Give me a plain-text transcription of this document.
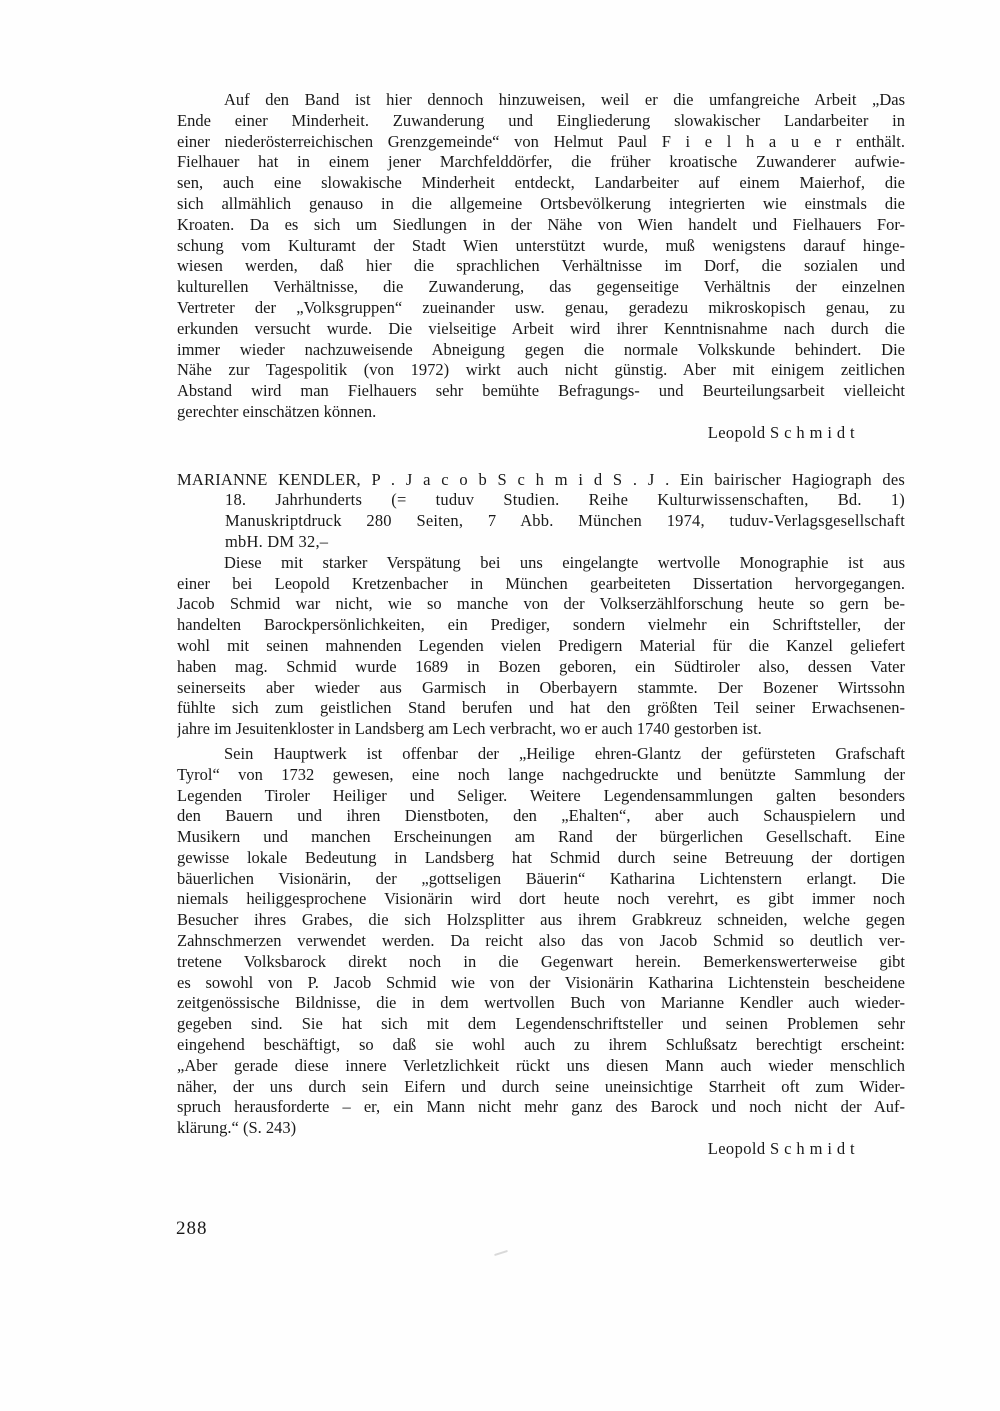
Auf den Band ist hier dennoch hinzuweisen, weil er die umfangreiche Arbeit „Das
Ende einer Minderheit. Zuwanderung und Eingliederung slowakischer Landarbeiter in
einer niederösterreichischen Grenzgemeinde“ von Helmut Paul F i e l h a u e r enthält.
Fielhauer hat in einem jener Marchfelddörfer, die früher kroatische Zuwanderer aufwie-
sen, auch eine slowakische Minderheit entdeckt, Landarbeiter auf einem Maierhof, die
sich allmählich genauso in die allgemeine Ortsbevölkerung integrierten wie einstmals die
Kroaten. Da es sich um Siedlungen in der Nähe von Wien handelt und Fielhauers For-
schung vom Kulturamt der Stadt Wien unterstützt wurde, muß wenigstens darauf hinge-
wiesen werden, daß hier die sprachlichen Verhältnisse im Dorf, die sozialen und
kulturellen Verhältnisse, die Zuwanderung, das gegenseitige Verhältnis der einzelnen
Vertreter der „Volksgruppen“ zueinander usw. genau, geradezu mikroskopisch genau, zu
erkunden versucht wurde. Die vielseitige Arbeit wird ihrer Kenntnisnahme nach durch die
immer wieder nachzuweisende Abneigung gegen die normale Volkskunde behindert. Die
Nähe zur Tagespolitik (von 1972) wirkt auch nicht günstig. Aber mit einigem zeitlichen
Abstand wird man Fielhauers sehr bemühte Befragungs- und Beurteilungsarbeit vielleicht
gerechter einschätzen können.
Leopold S c h m i d t
MARIANNE KENDLER, P . J a c o b S c h m i d S . J . Ein bairischer Hagiograph des
18. Jahrhunderts (= tuduv Studien. Reihe Kulturwissenschaften, Bd. 1)
Manuskriptdruck 280 Seiten, 7 Abb. München 1974, tuduv-Verlagsgesellschaft
mbH. DM 32,–
Diese mit starker Verspätung bei uns eingelangte wertvolle Monographie ist aus
einer bei Leopold Kretzenbacher in München gearbeiteten Dissertation hervorgegangen.
Jacob Schmid war nicht, wie so manche von der Volkserzählforschung heute so gern be-
handelten Barockpersönlichkeiten, ein Prediger, sondern vielmehr ein Schriftsteller, der
wohl mit seinen mahnenden Legenden vielen Predigern Material für die Kanzel geliefert
haben mag. Schmid wurde 1689 in Bozen geboren, ein Südtiroler also, dessen Vater
seinerseits aber wieder aus Garmisch in Oberbayern stammte. Der Bozener Wirtssohn
fühlte sich zum geistlichen Stand berufen und hat den größten Teil seiner Erwachsenen-
jahre im Jesuitenkloster in Landsberg am Lech verbracht, wo er auch 1740 gestorben ist.
Sein Hauptwerk ist offenbar der „Heilige ehren-Glantz der gefürsteten Grafschaft
Tyrol“ von 1732 gewesen, eine noch lange nachgedruckte und benützte Sammlung der
Legenden Tiroler Heiliger und Seliger. Weitere Legendensammlungen galten besonders
den Bauern und ihren Dienstboten, den „Ehalten“, aber auch Schauspielern und
Musikern und manchen Erscheinungen am Rand der bürgerlichen Gesellschaft. Eine
gewisse lokale Bedeutung in Landsberg hat Schmid durch seine Betreuung der dortigen
bäuerlichen Visionärin, der „gottseligen Bäuerin“ Katharina Lichtenstern erlangt. Die
niemals heiliggesprochene Visionärin wird dort heute noch verehrt, es gibt immer noch
Besucher ihres Grabes, die sich Holzsplitter aus ihrem Grabkreuz schneiden, welche gegen
Zahnschmerzen verwendet werden. Da reicht also das von Jacob Schmid so deutlich ver-
tretene Volksbarock direkt noch in die Gegenwart herein. Bemerkenswerterweise gibt
es sowohl von P. Jacob Schmid wie von der Visionärin Katharina Lichtenstein bescheidene
zeitgenössische Bildnisse, die in dem wertvollen Buch von Marianne Kendler auch wieder-
gegeben sind. Sie hat sich mit dem Legendenschriftsteller und seinen Problemen sehr
eingehend beschäftigt, so daß sie wohl auch zu ihrem Schlußsatz berechtigt erscheint:
„Aber gerade diese innere Verletzlichkeit rückt uns diesen Mann auch wieder menschlich
näher, der uns durch sein Eifern und durch seine uneinsichtige Starrheit oft zum Wider-
spruch herausforderte – er, ein Mann nicht mehr ganz des Barock und noch nicht der Auf-
klärung.“ (S. 243)
Leopold S c h m i d t
288
